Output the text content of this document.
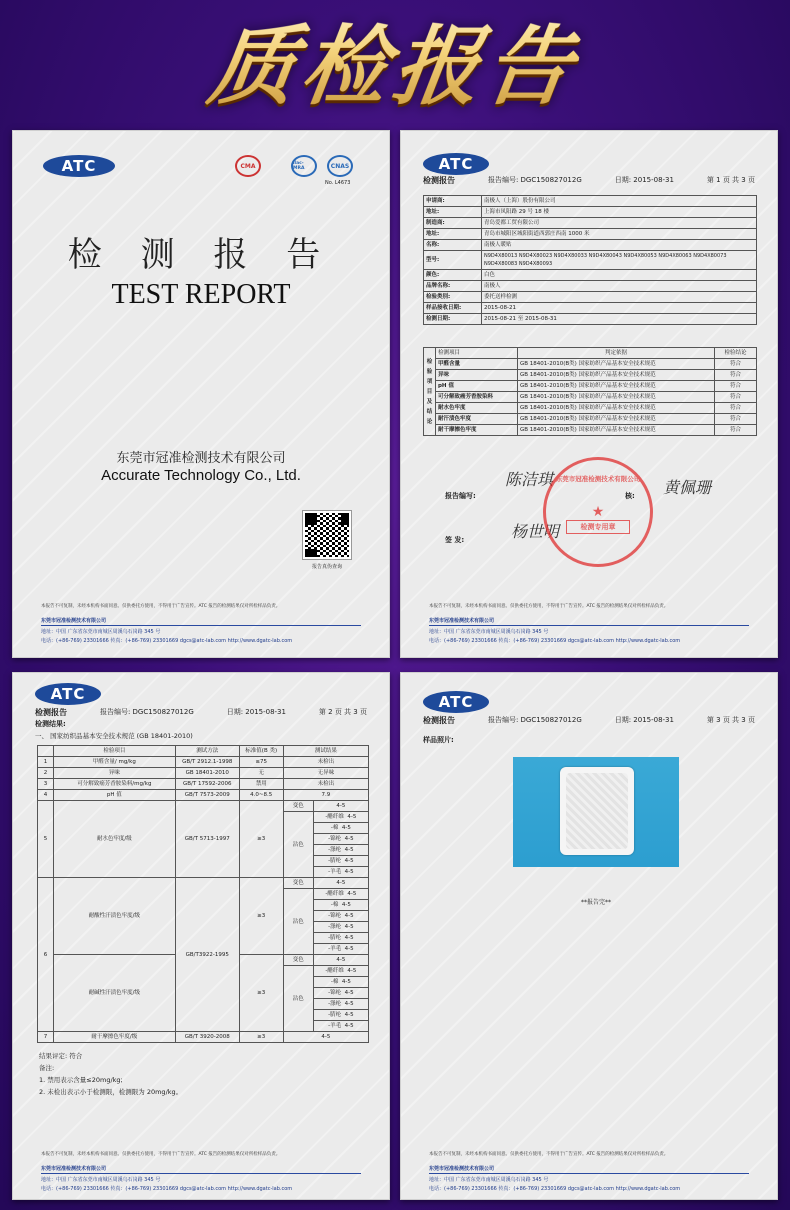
质检报告
ATC	CMA	ilac-MRA	CNAS
No. L4673
检 测 报 告
TEST REPORT
东莞市冠准检测技术有限公司
Accurate Technology Co., Ltd.
报告真伪查询
本报告不可复制，未经本机构书面同意。仅供委托方使用，不得用于广告宣传。ATC 报告的检测结果仅对所检样品负责。
东莞市冠准检测技术有限公司
地址：中国 广东省东莞市南城区周溪乌石岗路 345 号
电话：(+86-769) 23301666 传真：(+86-769) 23301669 dgcs@atc-lab.com http://www.dgatc-lab.com
ATC
检测报告	报告编号: DGC150827012G	日期: 2015-08-31	第 1 页 共 3 页
申请商:	南极人（上海）股份有限公司
地址:	上海市凤阳路 29 号 18 楼
制造商:	青岛爱都工贸有限公司
地址:	青岛市城阳区城阳街道西郭庄西南 1000 米
名称:	南极人暖贴
型号:	N9D4X80013 N9D4X80023 N9D4X80033 N9D4X80043 N9D4X80053 N9D4X80063 N9D4X80073 N9D4X80083 N9D4X80093
颜色:	白色
品牌名称:	南极人
检验类别:	委托送样检测
样品接收日期:	2015-08-21
检测日期:	2015-08-21 至 2015-08-31
检验项目及结论	检测项目	判定依据	检验结论
	甲醛含量	GB 18401-2010(B类) 国家纺织产品基本安全技术规范	符合
	异味	GB 18401-2010(B类) 国家纺织产品基本安全技术规范	符合
	pH 值	GB 18401-2010(B类) 国家纺织产品基本安全技术规范	符合
	可分解致癌芳香胺染料	GB 18401-2010(B类) 国家纺织产品基本安全技术规范	符合
	耐水色牢度	GB 18401-2010(B类) 国家纺织产品基本安全技术规范	符合
	耐汗渍色牢度	GB 18401-2010(B类) 国家纺织产品基本安全技术规范	符合
	耐干摩擦色牢度	GB 18401-2010(B类) 国家纺织产品基本安全技术规范	符合
报告编写:
陈洁琪
核: 黄佩珊
签 发:	杨世明
东莞市冠准检测技术有限公司
★
检测专用章
本报告不可复制，未经本机构书面同意。仅供委托方使用，不得用于广告宣传。ATC 报告的检测结果仅对所检样品负责。
东莞市冠准检测技术有限公司
地址：中国 广东省东莞市南城区周溪乌石岗路 345 号
电话：(+86-769) 23301666 传真：(+86-769) 23301669 dgcs@atc-lab.com http://www.dgatc-lab.com
ATC
检测报告	报告编号: DGC150827012G	日期: 2015-08-31	第 2 页 共 3 页
检测结果:
一、 国家纺织品基本安全技术规范 (GB 18401-2010)
	检验项目	测试方法	标准值(B 类)	测试结果	
1	甲醛含量/ mg/kg	GB/T 2912.1-1998	≤75	未检出	
2	异味	GB 18401-2010	无	无异味	
3	可分解致癌芳香胺染料/mg/kg	GB/T 17592-2006	禁用	未检出	
4	pH 值	GB/T 7573-2009	4.0~8.5	7.9	
5	耐水色牢度/级	GB/T 5713-1997	≥3	变色	4-5
				沾色	-醋纤维 4-5
					-棉 4-5
					-锦纶 4-5
					-涤纶 4-5
					-腈纶 4-5
					-羊毛 4-5
6	耐酸性汗渍色牢度/级	GB/T3922-1995	≥3	变色	4-5
				沾色	-醋纤维 4-5
					-棉 4-5
					-锦纶 4-5
					-涤纶 4-5
					-腈纶 4-5
					-羊毛 4-5
	耐碱性汗渍色牢度/级		≥3	变色	4-5
				沾色	-醋纤维 4-5
					-棉 4-5
					-锦纶 4-5
					-涤纶 4-5
					-腈纶 4-5
					-羊毛 4-5
7	耐干摩擦色牢度/级	GB/T 3920-2008	≥3	4-5	
结果评定: 符合
备注:
1. 禁用表示含量≤20mg/kg;
2. 未检出表示小于检测限，检测限为 20mg/kg。
本报告不可复制，未经本机构书面同意。仅供委托方使用，不得用于广告宣传。ATC 报告的检测结果仅对所检样品负责。
东莞市冠准检测技术有限公司
地址：中国 广东省东莞市南城区周溪乌石岗路 345 号
电话：(+86-769) 23301666 传真：(+86-769) 23301669 dgcs@atc-lab.com http://www.dgatc-lab.com
ATC
检测报告	报告编号: DGC150827012G	日期: 2015-08-31	第 3 页 共 3 页
样品照片:
**报告完**
本报告不可复制，未经本机构书面同意。仅供委托方使用，不得用于广告宣传。ATC 报告的检测结果仅对所检样品负责。
东莞市冠准检测技术有限公司
地址：中国 广东省东莞市南城区周溪乌石岗路 345 号
电话：(+86-769) 23301666 传真：(+86-769) 23301669 dgcs@atc-lab.com http://www.dgatc-lab.com
